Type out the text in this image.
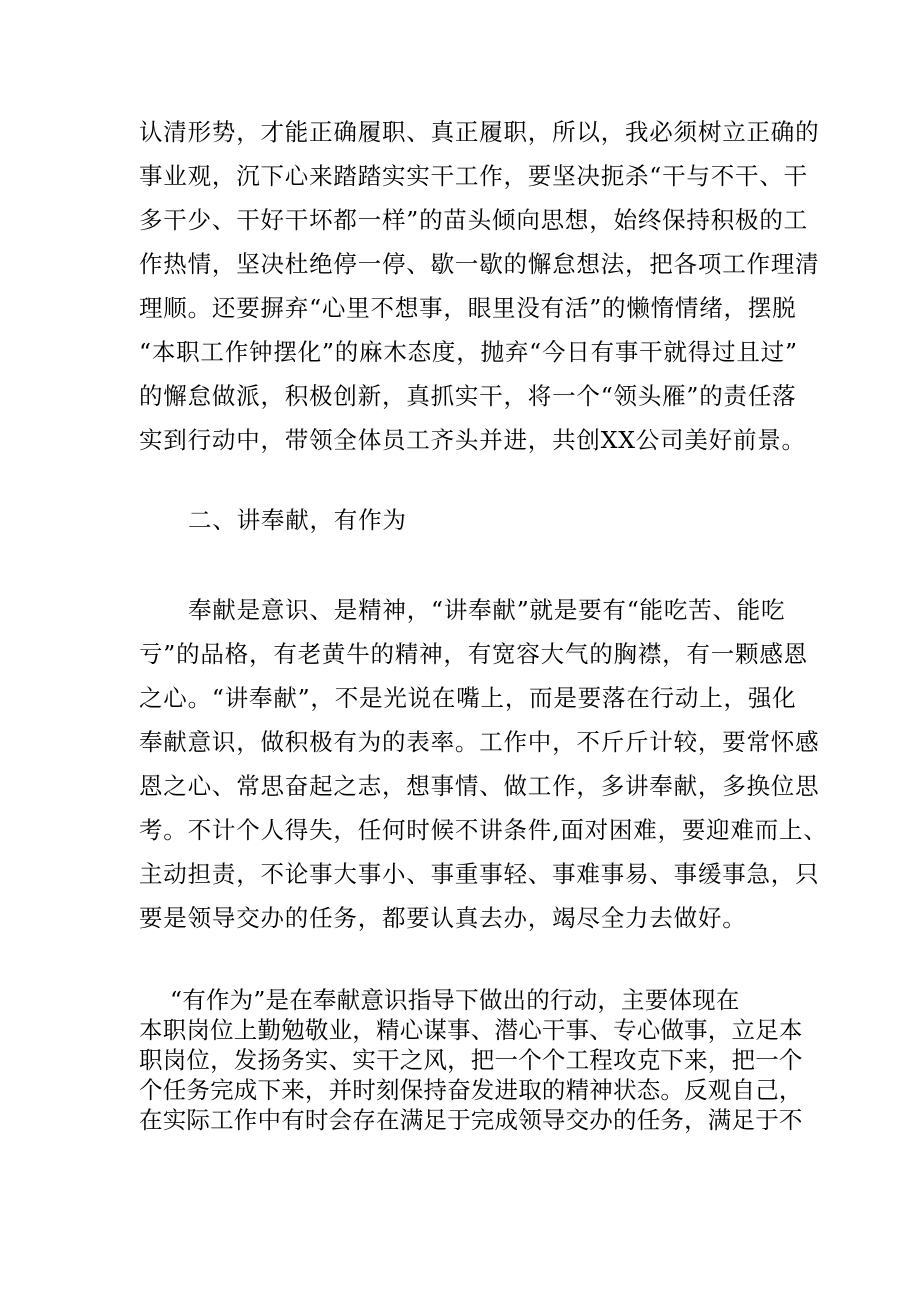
认清形势，才能正确履职、真正履职，所以，我必须树立正确的
事业观，沉下心来踏踏实实干工作，要坚决扼杀“干与不干、干
多干少、干好干坏都一样”的苗头倾向思想，始终保持积极的工
作热情，坚决杜绝停一停、歇一歇的懈怠想法，把各项工作理清
理顺。还要摒弃“心里不想事，眼里没有活”的懒惰情绪，摆脱
“本职工作钟摆化”的麻木态度，抛弃“今日有事干就得过且过”
的懈怠做派，积极创新，真抓实干，将一个“领头雁”的责任落
实到行动中，带领全体员工齐头并进，共创XX公司美好前景。
二、讲奉献，有作为
奉献是意识、是精神，“讲奉献”就是要有“能吃苦、能吃
亏”的品格，有老黄牛的精神，有宽容大气的胸襟，有一颗感恩
之心。“讲奉献”，不是光说在嘴上，而是要落在行动上，强化
奉献意识，做积极有为的表率。工作中，不斤斤计较，要常怀感
恩之心、常思奋起之志，想事情、做工作，多讲奉献，多换位思
考。不计个人得失，任何时候不讲条件,面对困难，要迎难而上、
主动担责，不论事大事小、事重事轻、事难事易、事缓事急，只
要是领导交办的任务，都要认真去办，竭尽全力去做好。
“有作为”是在奉献意识指导下做出的行动，主要体现在
本职岗位上勤勉敬业，精心谋事、潜心干事、专心做事，立足本
职岗位，发扬务实、实干之风，把一个个工程攻克下来，把一个
个任务完成下来，并时刻保持奋发进取的精神状态。反观自己，
在实际工作中有时会存在满足于完成领导交办的任务，满足于不
